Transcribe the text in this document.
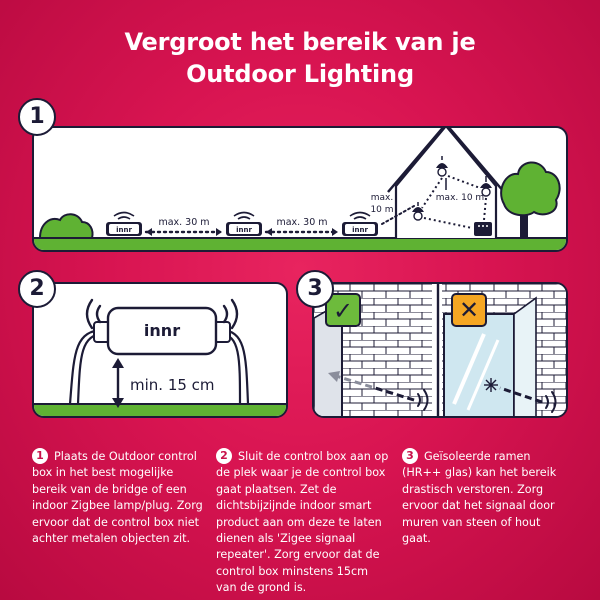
Vergroot het bereik van je
Outdoor Lighting
innr
max. 30 m
innr
max. 30 m
innr
max.
10 m
max. 10 m
1
innr
min. 15 cm
2
✓	✕
3
1 Plaats de Outdoor control box in het best mogelijke bereik van de bridge of een indoor Zigbee lamp/plug. Zorg ervoor dat de control box niet achter metalen objecten zit.
2 Sluit de control box aan op de plek waar je de control box gaat plaatsen. Zet de dichtsbijzijnde indoor smart product aan om deze te laten dienen als 'Zigee signaal repeater'. Zorg ervoor dat de control box minstens 15cm van de grond is.
3 Geïsoleerde ramen (HR++ glas) kan het bereik drastisch verstoren. Zorg ervoor dat het signaal door muren van steen of hout gaat.
